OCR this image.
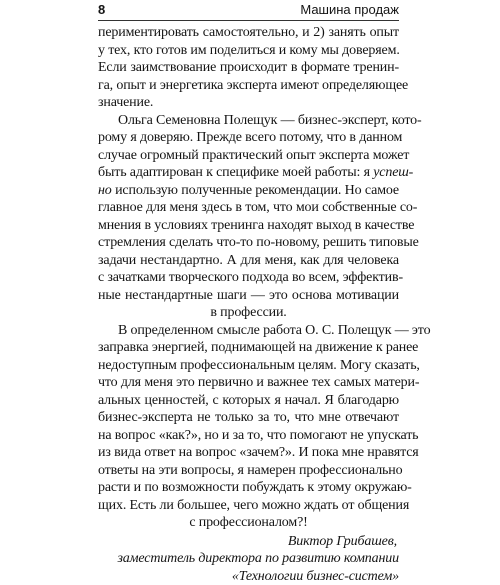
8	Машина продаж

периментировать самостоятельно, и 2) занять опыт
у тех, кто готов им поделиться и кому мы доверяем.
Если заимствование происходит в формате тренин-
га, опыт и энергетика эксперта имеют определяющее
значение.

Ольга Семеновна Полещук — бизнес-эксперт, кото-
рому я доверяю. Прежде всего потому, что в данном
случае огромный практический опыт эксперта может
быть адаптирован к специфике моей работы: я успеш-
но использую полученные рекомендации. Но самое
главное для меня здесь в том, что мои собственные со-
мнения в условиях тренинга находят выход в качестве
стремления сделать что-то по-новому, решить типовые
задачи нестандартно. А для меня, как для человека
с зачатками творческого подхода во всем, эффектив-
ные нестандартные шаги — это основа мотивации
в профессии.

В определенном смысле работа О. С. Полещук — это
заправка энергией, поднимающей на движение к ранее
недоступным профессиональным целям. Могу сказать,
что для меня это первично и важнее тех самых матери-
альных ценностей, с которых я начал. Я благодарю
бизнес-эксперта не только за то, что мне отвечают
на вопрос «как?», но и за то, что помогают не упускать
из вида ответ на вопрос «зачем?». И пока мне нравятся
ответы на эти вопросы, я намерен профессионально
расти и по возможности побуждать к этому окружаю-
щих. Есть ли большее, чего можно ждать от общения
с профессионалом?!

Виктор Грибашев,
заместитель директора по развитию компании
«Технологии бизнес-систем»
